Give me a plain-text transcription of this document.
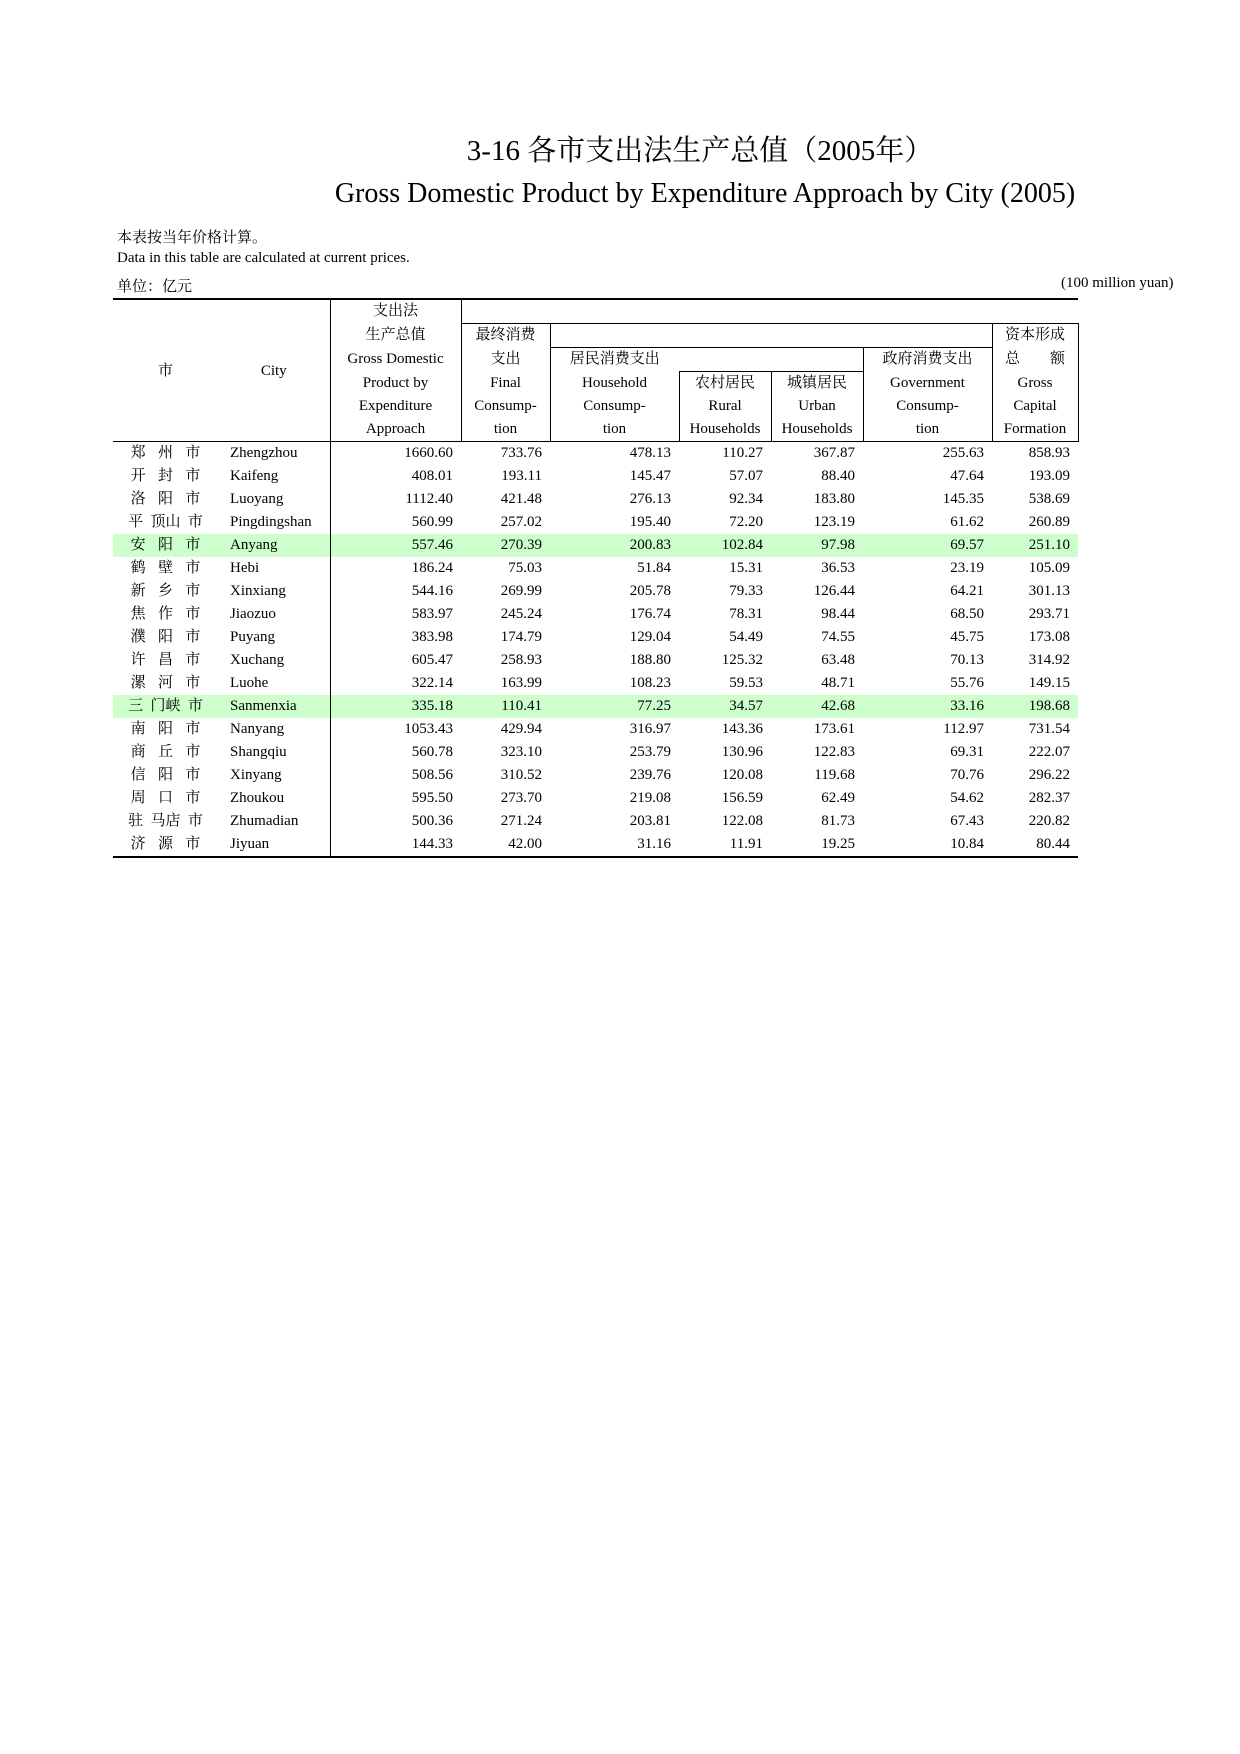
3-16 各市支出法生产总值（2005年）
Gross Domestic Product by Expenditure Approach by City (2005)
本表按当年价格计算。
Data in this table are calculated at current prices.
单位：亿元	(100 million yuan)
		支出法						
		生产总值	最终消费					资本形成
市	City	Gross Domestic	支出	居民消费支出			政府消费支出	总　　额
		Product by	Final	Household	农村居民	城镇居民	Government	Gross
		Expenditure	Consump-	Consump-	Rural	Urban	Consump-	Capital
		Approach	tion	tion	Households	Households	tion	Formation

郑 州 市	Zhengzhou	1660.60	733.76	478.13	110.27	367.87	255.63	858.93

开 封 市	Kaifeng	408.01	193.11	145.47	57.07	88.40	47.64	193.09

洛 阳 市	Luoyang	1112.40	421.48	276.13	92.34	183.80	145.35	538.69

平 顶山 市	Pingdingshan	560.99	257.02	195.40	72.20	123.19	61.62	260.89

安 阳 市	Anyang	557.46	270.39	200.83	102.84	97.98	69.57	251.10

鹤 壁 市	Hebi	186.24	75.03	51.84	15.31	36.53	23.19	105.09

新 乡 市	Xinxiang	544.16	269.99	205.78	79.33	126.44	64.21	301.13

焦 作 市	Jiaozuo	583.97	245.24	176.74	78.31	98.44	68.50	293.71

濮 阳 市	Puyang	383.98	174.79	129.04	54.49	74.55	45.75	173.08

许 昌 市	Xuchang	605.47	258.93	188.80	125.32	63.48	70.13	314.92

漯 河 市	Luohe	322.14	163.99	108.23	59.53	48.71	55.76	149.15

三 门峡 市	Sanmenxia	335.18	110.41	77.25	34.57	42.68	33.16	198.68

南 阳 市	Nanyang	1053.43	429.94	316.97	143.36	173.61	112.97	731.54

商 丘 市	Shangqiu	560.78	323.10	253.79	130.96	122.83	69.31	222.07

信 阳 市	Xinyang	508.56	310.52	239.76	120.08	119.68	70.76	296.22

周 口 市	Zhoukou	595.50	273.70	219.08	156.59	62.49	54.62	282.37

驻 马店 市	Zhumadian	500.36	271.24	203.81	122.08	81.73	67.43	220.82

济 源 市	Jiyuan	144.33	42.00	31.16	11.91	19.25	10.84	80.44
